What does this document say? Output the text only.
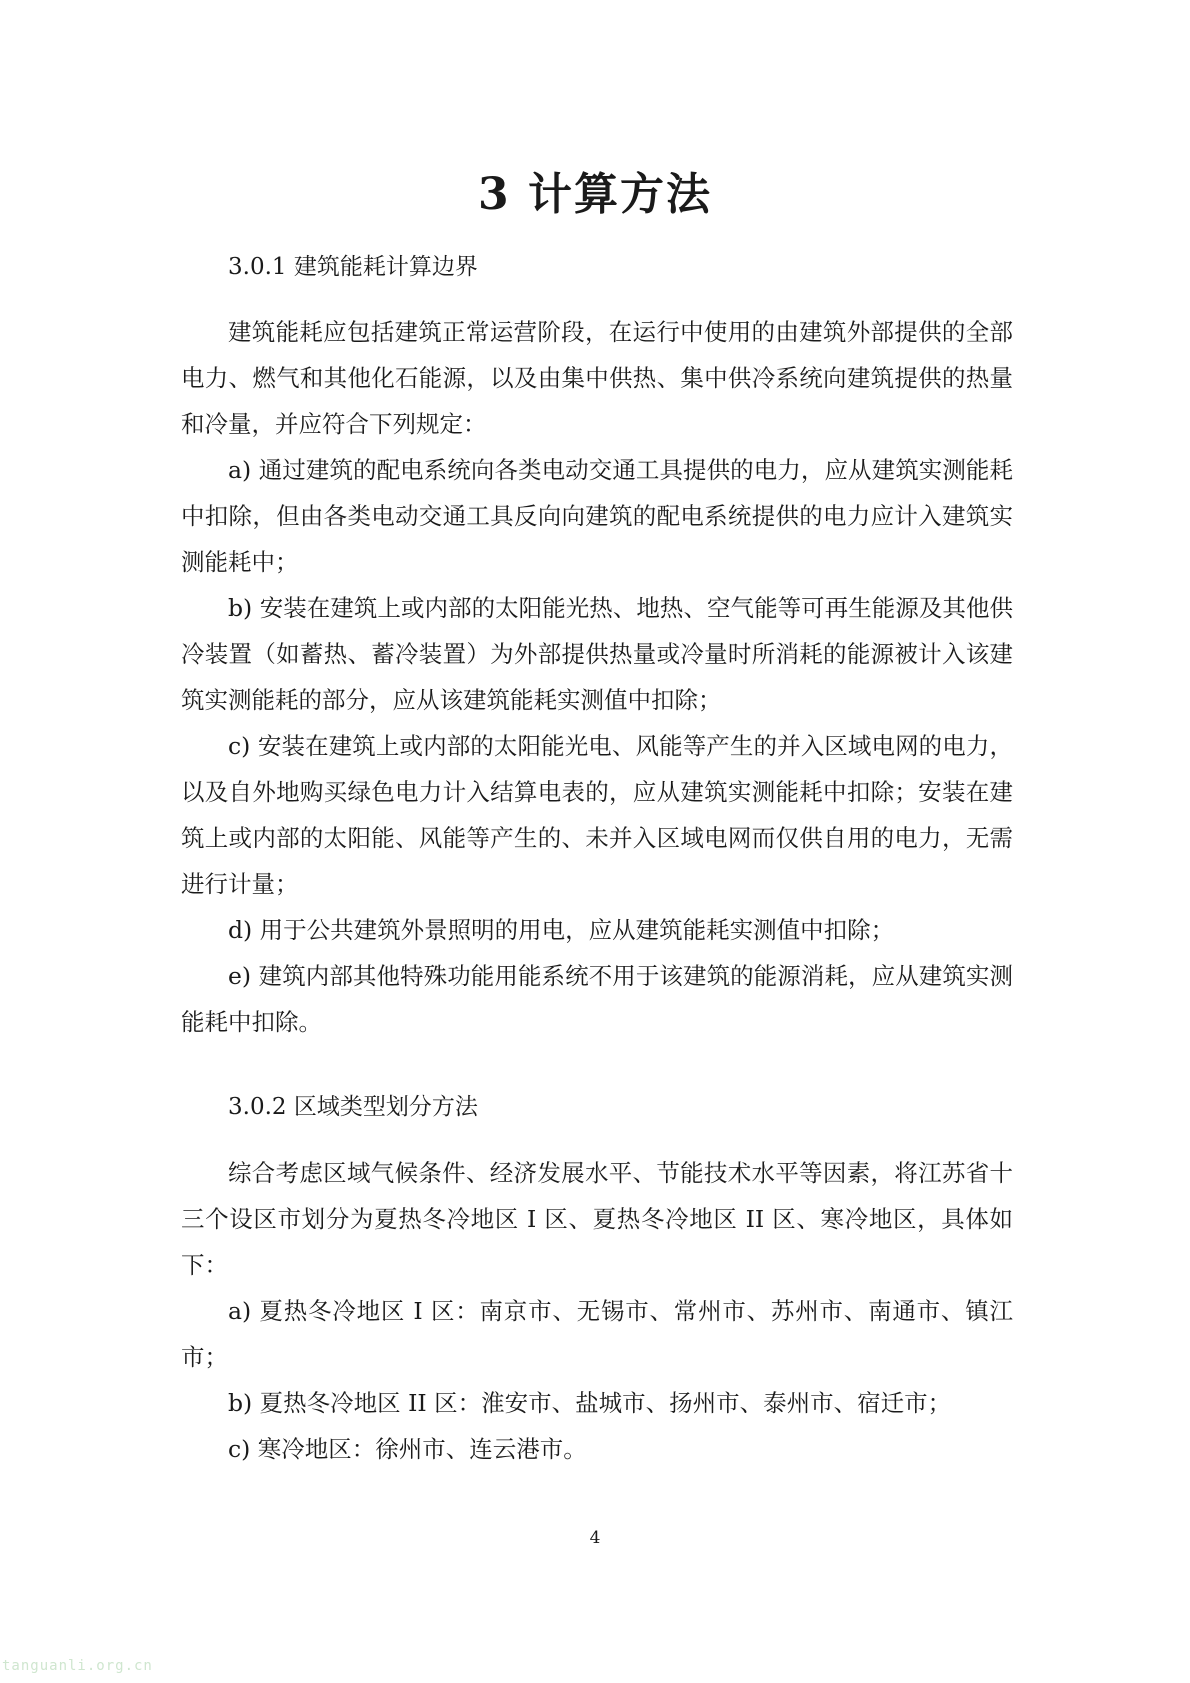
3 计算方法
3.0.1 建筑能耗计算边界

建筑能耗应包括建筑正常运营阶段，在运行中使用的由建筑外部提供的全部电力、燃气和其他化石能源，以及由集中供热、集中供冷系统向建筑提供的热量和冷量，并应符合下列规定：

a) 通过建筑的配电系统向各类电动交通工具提供的电力，应从建筑实测能耗中扣除，但由各类电动交通工具反向向建筑的配电系统提供的电力应计入建筑实测能耗中；

b) 安装在建筑上或内部的太阳能光热、地热、空气能等可再生能源及其他供冷装置（如蓄热、蓄冷装置）为外部提供热量或冷量时所消耗的能源被计入该建筑实测能耗的部分，应从该建筑能耗实测值中扣除；

c) 安装在建筑上或内部的太阳能光电、风能等产生的并入区域电网的电力，以及自外地购买绿色电力计入结算电表的，应从建筑实测能耗中扣除；安装在建筑上或内部的太阳能、风能等产生的、未并入区域电网而仅供自用的电力，无需进行计量；

d) 用于公共建筑外景照明的用电，应从建筑能耗实测值中扣除；

e) 建筑内部其他特殊功能用能系统不用于该建筑的能源消耗，应从建筑实测能耗中扣除。

3.0.2 区域类型划分方法

综合考虑区域气候条件、经济发展水平、节能技术水平等因素，将江苏省十三个设区市划分为夏热冬冷地区 I 区、夏热冬冷地区 II 区、寒冷地区，具体如下：

a) 夏热冬冷地区 I 区：南京市、无锡市、常州市、苏州市、南通市、镇江市；

b) 夏热冬冷地区 II 区：淮安市、盐城市、扬州市、泰州市、宿迁市；

c) 寒冷地区：徐州市、连云港市。

4
tanguanli.org.cn
